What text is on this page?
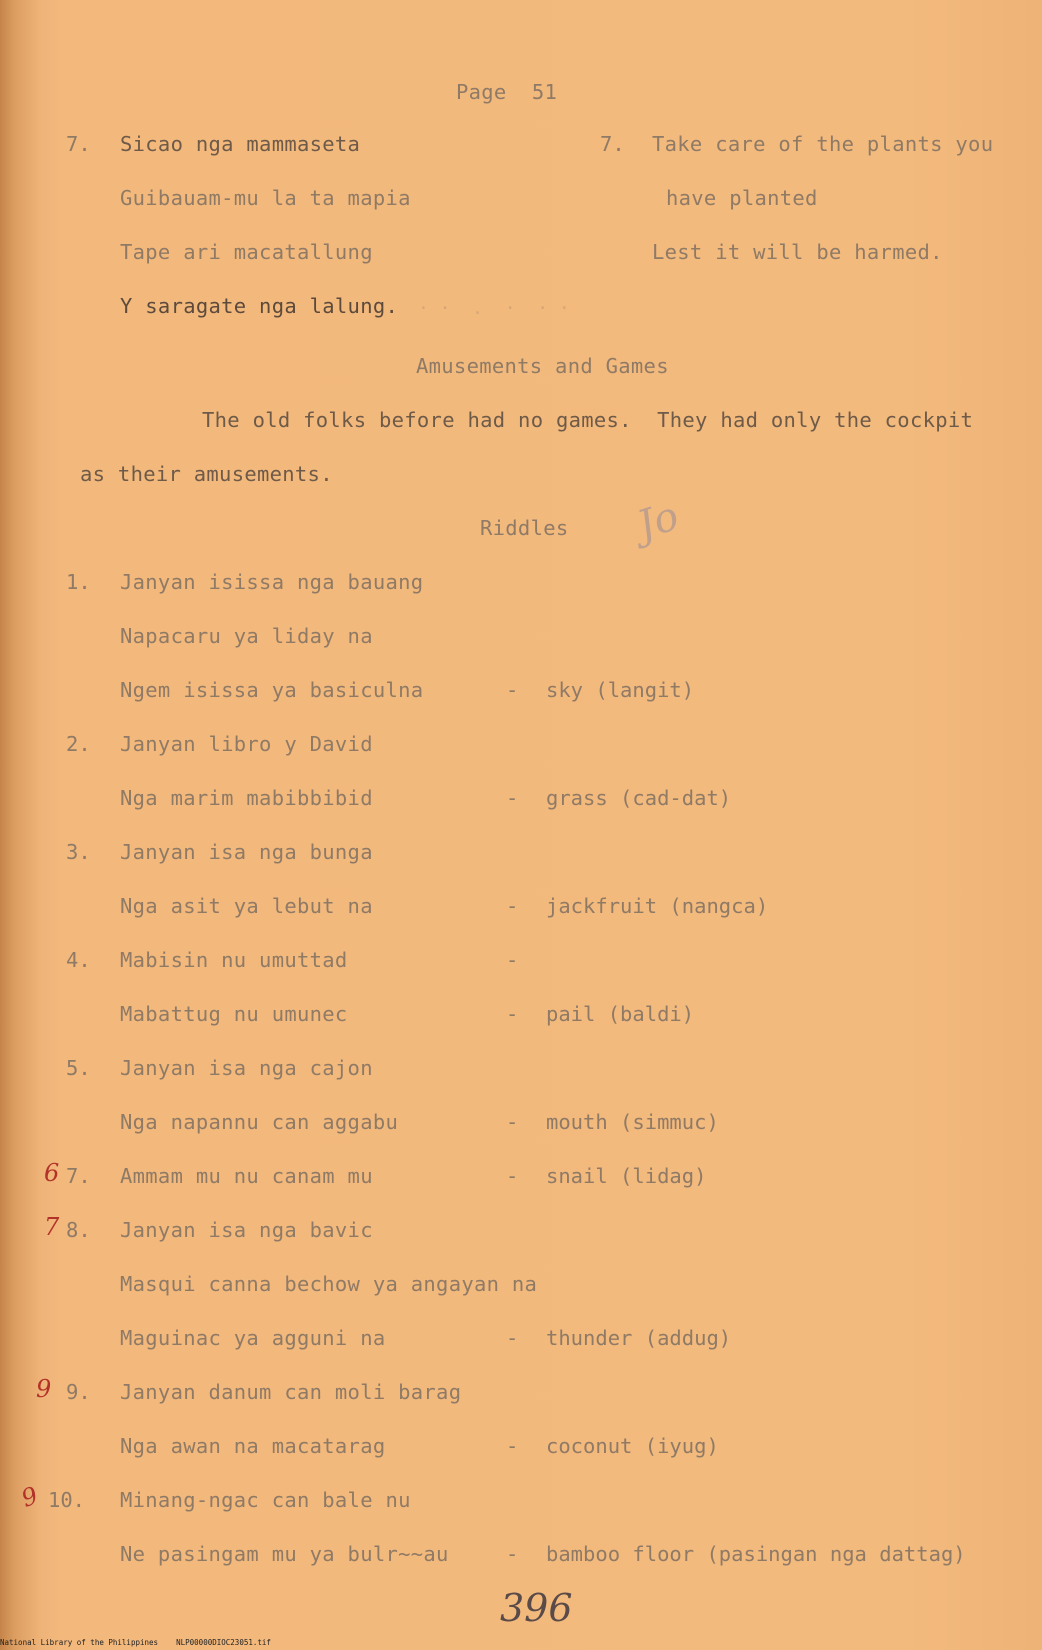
Page  51
7. Sicao nga mammaseta
Guibauam-mu la ta mapia
Tape ari macatallung
Y saragate nga lalung. · ·  .  ·  · ·
7. Take care of the plants you
have planted
Lest it will be harmed.
Amusements and Games
The old folks before had no games.  They had only the cockpit
as their amusements.
Riddles Jo
1. Janyan isissa nga bauang
Napacaru ya liday na
Ngem isissa ya basiculna	- sky (langit)
2. Janyan libro y David
Nga marim mabibbibid	- grass (cad-dat)
3. Janyan isa nga bunga
Nga asit ya lebut na	- jackfruit (nangca)
4. Mabisin nu umuttad	-
Mabattug nu umunec	- pail (baldi)
5. Janyan isa nga cajon
Nga napannu can aggabu	- mouth (simmuc)
6 7. Ammam mu nu canam mu	- snail (lidag)
7 8. Janyan isa nga bavic
Masqui canna bechow ya angayan na
Maguinac ya agguni na	- thunder (addug)
9 9. Janyan danum can moli barag
Nga awan na macatarag	- coconut (iyug)
9 10. Minang-ngac can bale nu
Ne pasingam mu ya bulr~~au	- bamboo floor (pasingan nga dattag)
396
National Library of the Philippines    NLP00000DIOC23051.tif
